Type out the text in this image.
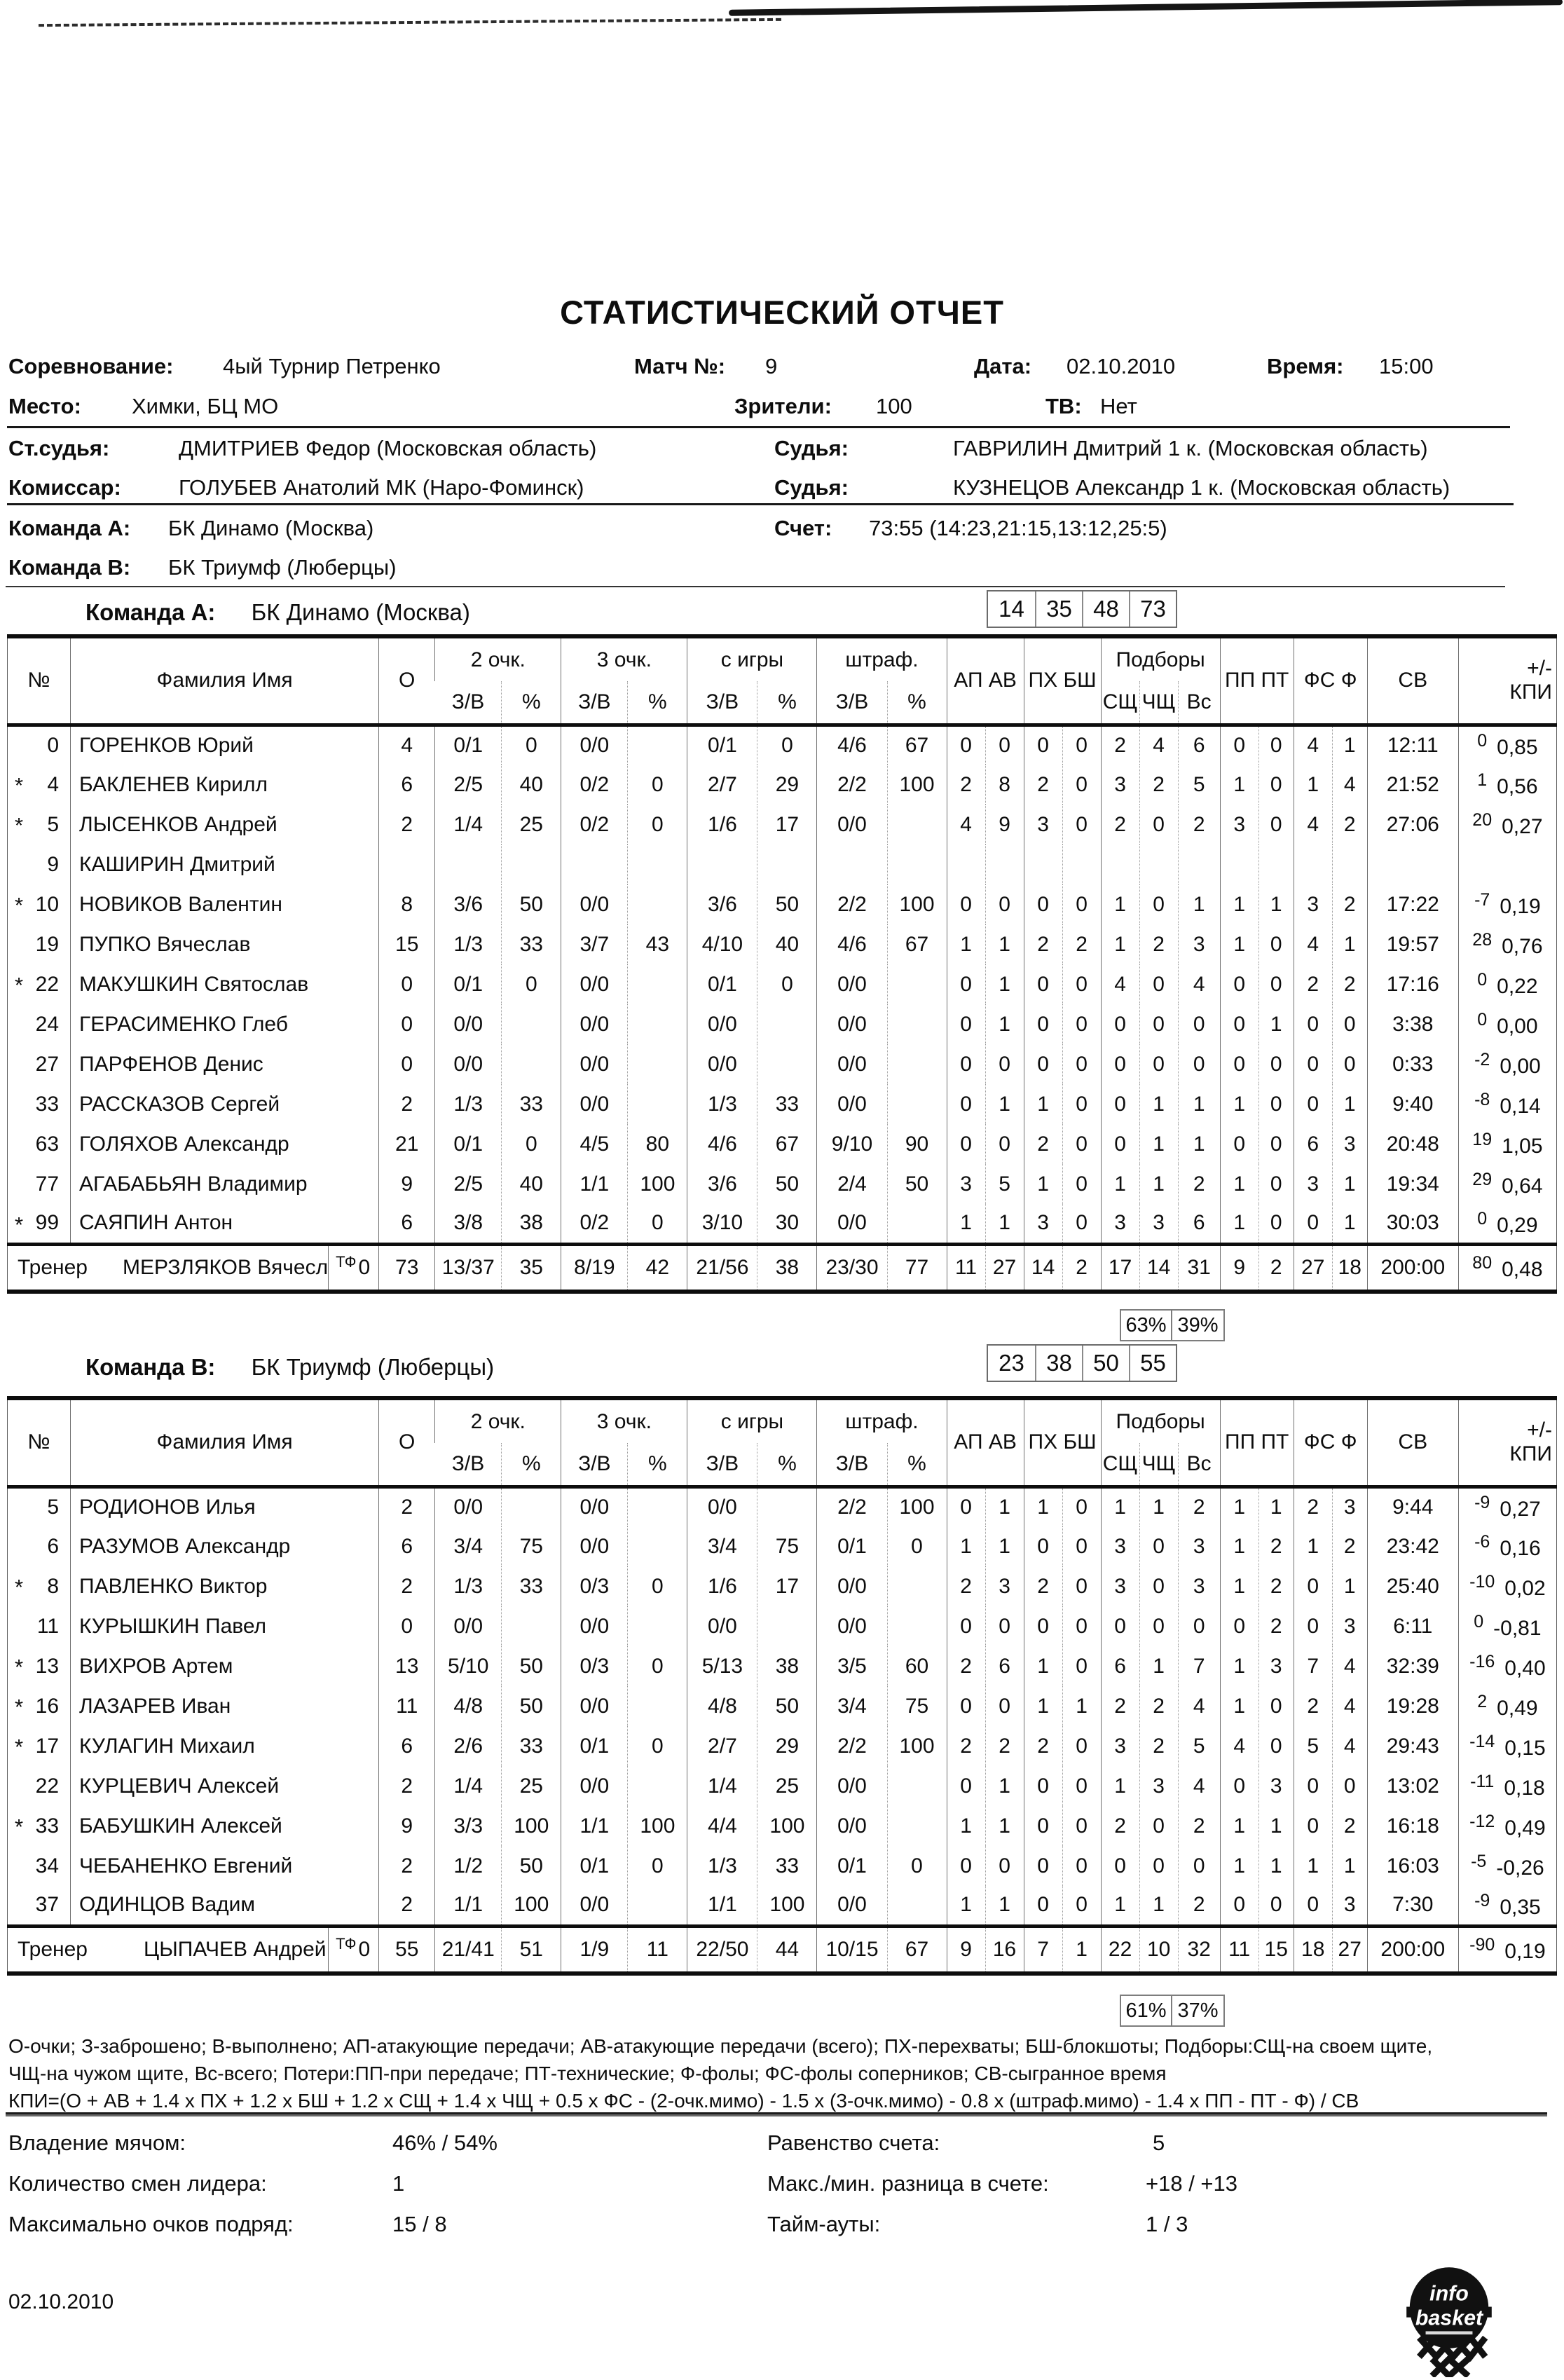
СТАТИСТИЧЕСКИЙ ОТЧЕТ
Соревнование: 4ый Турнир Петренко	Матч №: 9	Дата: 02.10.2010	Время: 15:00
Место: Химки, БЦ МО	Зрители: 100	ТВ: Нет
Ст.судья:	ДМИТРИЕВ Федор (Московская область)	Судья:	ГАВРИЛИН Дмитрий 1 к. (Московская область)
Комиссар:	ГОЛУБЕВ Анатолий МК (Наро-Фоминск)	Судья:	КУЗНЕЦОВ Александр 1 к. (Московская область)
Команда А: БК Динамо (Москва)	Счет: 73:55 (14:23,21:15,13:12,25:5)
Команда В: БК Триумф (Люберцы)
Команда А: БК Динамо (Москва)	14 35 48 73
№	Фамилия Имя	О	2 очк.		3 очк.		с игры		штраф.		АП АВ		ПХ БШ		Подборы			ПП ПТ		ФС Ф		СВ	+/-
КПИ

			З/В	%	З/В	%	З/В	%	З/В	%					СЩ	ЧЩ	Вс						

0	ГОРЕНКОВ Юрий	4	0/1	0	0/0		0/1	0	4/6	67	0	0	0	0	2	4	6	0	0	4	1	12:11	$^0$ 0,85

* 4	БАКЛЕНЕВ Кирилл	6	2/5	40	0/2	0	2/7	29	2/2	100	2	8	2	0	3	2	5	1	0	1	4	21:52	$^1$ 0,56

* 5	ЛЫСЕНКОВ Андрей	2	1/4	25	0/2	0	1/6	17	0/0		4	9	3	0	2	0	2	3	0	4	2	27:06	$^{20}$ 0,27

9	КАШИРИН Дмитрий																						

* 10	НОВИКОВ Валентин	8	3/6	50	0/0		3/6	50	2/2	100	0	0	0	0	1	0	1	1	1	3	2	17:22	$^{-7}$ 0,19

19	ПУПКО Вячеслав	15	1/3	33	3/7	43	4/10	40	4/6	67	1	1	2	2	1	2	3	1	0	4	1	19:57	$^{28}$ 0,76

* 22	МАКУШКИН Святослав	0	0/1	0	0/0		0/1	0	0/0		0	1	0	0	4	0	4	0	0	2	2	17:16	$^0$ 0,22

24	ГЕРАСИМЕНКО Глеб	0	0/0		0/0		0/0		0/0		0	1	0	0	0	0	0	0	1	0	0	3:38	$^0$ 0,00

27	ПАРФЕНОВ Денис	0	0/0		0/0		0/0		0/0		0	0	0	0	0	0	0	0	0	0	0	0:33	$^{-2}$ 0,00

33	РАССКАЗОВ Сергей	2	1/3	33	0/0		1/3	33	0/0		0	1	1	0	0	1	1	1	0	0	1	9:40	$^{-8}$ 0,14

63	ГОЛЯХОВ Александр	21	0/1	0	4/5	80	4/6	67	9/10	90	0	0	2	0	0	1	1	0	0	6	3	20:48	$^{19}$ 1,05

77	АГАБАБЬЯН Владимир	9	2/5	40	1/1	100	3/6	50	2/4	50	3	5	1	0	1	1	2	1	0	3	1	19:34	$^{29}$ 0,64

* 99	САЯПИН Антон	6	3/8	38	0/2	0	3/10	30	0/0		1	1	3	0	3	3	6	1	0	0	1	30:03	$^0$ 0,29

Тренер МЕРЗЛЯКОВ Вячесл ТФ 0		73	13/37	35	8/19	42	21/56	38	23/30	77	11	27	14	2	17	14	31	9	2	27	18	200:00	$^{80}$ 0,48
63% 39%
Команда В: БК Триумф (Люберцы)	23 38 50 55
№	Фамилия Имя	О	2 очк.		3 очк.		с игры		штраф.		АП АВ		ПХ БШ		Подборы			ПП ПТ		ФС Ф		СВ	+/-
КПИ

			З/В	%	З/В	%	З/В	%	З/В	%					СЩ	ЧЩ	Вс						

5	РОДИОНОВ Илья	2	0/0		0/0		0/0		2/2	100	0	1	1	0	1	1	2	1	1	2	3	9:44	$^{-9}$ 0,27

6	РАЗУМОВ Александр	6	3/4	75	0/0		3/4	75	0/1	0	1	1	0	0	3	0	3	1	2	1	2	23:42	$^{-6}$ 0,16

* 8	ПАВЛЕНКО Виктор	2	1/3	33	0/3	0	1/6	17	0/0		2	3	2	0	3	0	3	1	2	0	1	25:40	$^{-10}$ 0,02

11	КУРЫШКИН Павел	0	0/0		0/0		0/0		0/0		0	0	0	0	0	0	0	0	2	0	3	6:11	$^0$ -0,81

* 13	ВИХРОВ Артем	13	5/10	50	0/3	0	5/13	38	3/5	60	2	6	1	0	6	1	7	1	3	7	4	32:39	$^{-16}$ 0,40

* 16	ЛАЗАРЕВ Иван	11	4/8	50	0/0		4/8	50	3/4	75	0	0	1	1	2	2	4	1	0	2	4	19:28	$^2$ 0,49

* 17	КУЛАГИН Михаил	6	2/6	33	0/1	0	2/7	29	2/2	100	2	2	2	0	3	2	5	4	0	5	4	29:43	$^{-14}$ 0,15

22	КУРЦЕВИЧ Алексей	2	1/4	25	0/0		1/4	25	0/0		0	1	0	0	1	3	4	0	3	0	0	13:02	$^{-11}$ 0,18

* 33	БАБУШКИН Алексей	9	3/3	100	1/1	100	4/4	100	0/0		1	1	0	0	2	0	2	1	1	0	2	16:18	$^{-12}$ 0,49

34	ЧЕБАНЕНКО Евгений	2	1/2	50	0/1	0	1/3	33	0/1	0	0	0	0	0	0	0	0	1	1	1	1	16:03	$^{-5}$ -0,26

37	ОДИНЦОВ Вадим	2	1/1	100	0/0		1/1	100	0/0		1	1	0	0	1	1	2	0	0	0	3	7:30	$^{-9}$ 0,35

Тренер ЦЫПАЧЕВ Андрей ТФ 0		55	21/41	51	1/9	11	22/50	44	10/15	67	9	16	7	1	22	10	32	11	15	18	27	200:00	$^{-90}$ 0,19
61% 37%
О-очки; З-заброшено; В-выполнено; АП-атакующие передачи; АВ-атакующие передачи (всего); ПХ-перехваты; БШ-блокшоты; Подборы:СЩ-на своем щите,
ЧЩ-на чужом щите, Вс-всего; Потери:ПП-при передаче; ПТ-технические; Ф-фолы; ФС-фолы соперников; СВ-сыгранное время
КПИ=(О + АВ + 1.4 х ПХ + 1.2 х БШ + 1.2 х СЩ + 1.4 х ЧЩ + 0.5 х ФС - (2-очк.мимо) - 1.5 х (3-очк.мимо) - 0.8 х (штраф.мимо) - 1.4 х ПП - ПТ - Ф) / СВ
Владение мячом:	46% / 54%	Равенство счета:	5
Количество смен лидера:	1	Макс./мин. разница в счете:	+18 / +13
Максимально очков подряд:	15 / 8	Тайм-ауты:	1 / 3
02.10.2010	info
basket
